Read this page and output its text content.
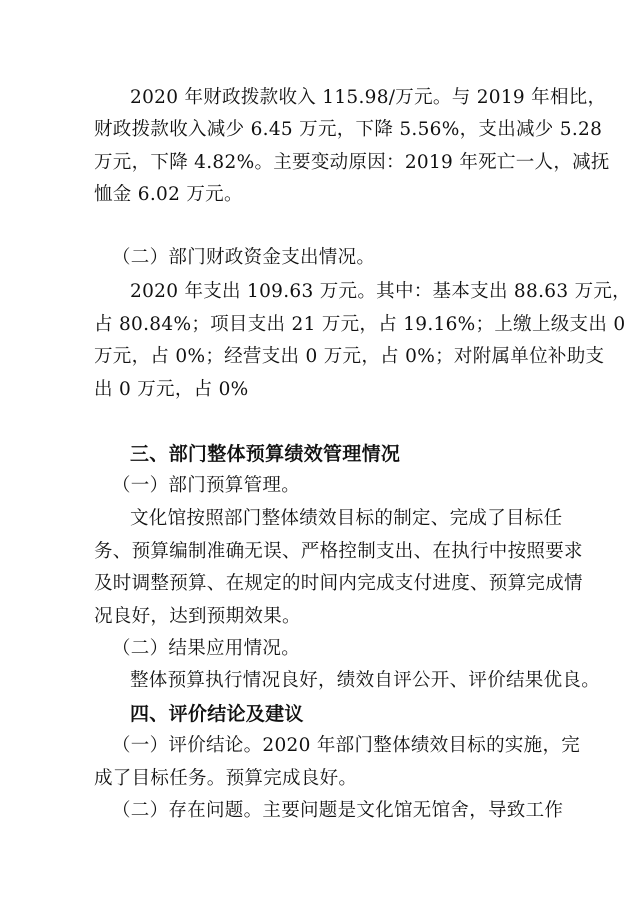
2020 年财政拨款收入 115.98/万元。与 2019 年相比，
财政拨款收入减少 6.45 万元，下降 5.56%，支出减少 5.28
万元，下降 4.82%。主要变动原因：2019 年死亡一人，减抚
恤金 6.02 万元。
（二）部门财政资金支出情况。
2020 年支出 109.63 万元。其中：基本支出 88.63 万元，
占 80.84%；项目支出 21 万元，占 19.16%；上缴上级支出 0
万元，占 0%；经营支出 0 万元，占 0%；对附属单位补助支
出 0 万元，占 0%
三、部门整体预算绩效管理情况
（一）部门预算管理。
文化馆按照部门整体绩效目标的制定、完成了目标任
务、预算编制准确无误、严格控制支出、在执行中按照要求
及时调整预算、在规定的时间内完成支付进度、预算完成情
况良好，达到预期效果。
（二）结果应用情况。
整体预算执行情况良好，绩效自评公开、评价结果优良。
四、评价结论及建议
（一）评价结论。2020 年部门整体绩效目标的实施，完
成了目标任务。预算完成良好。
（二）存在问题。主要问题是文化馆无馆舍，导致工作
